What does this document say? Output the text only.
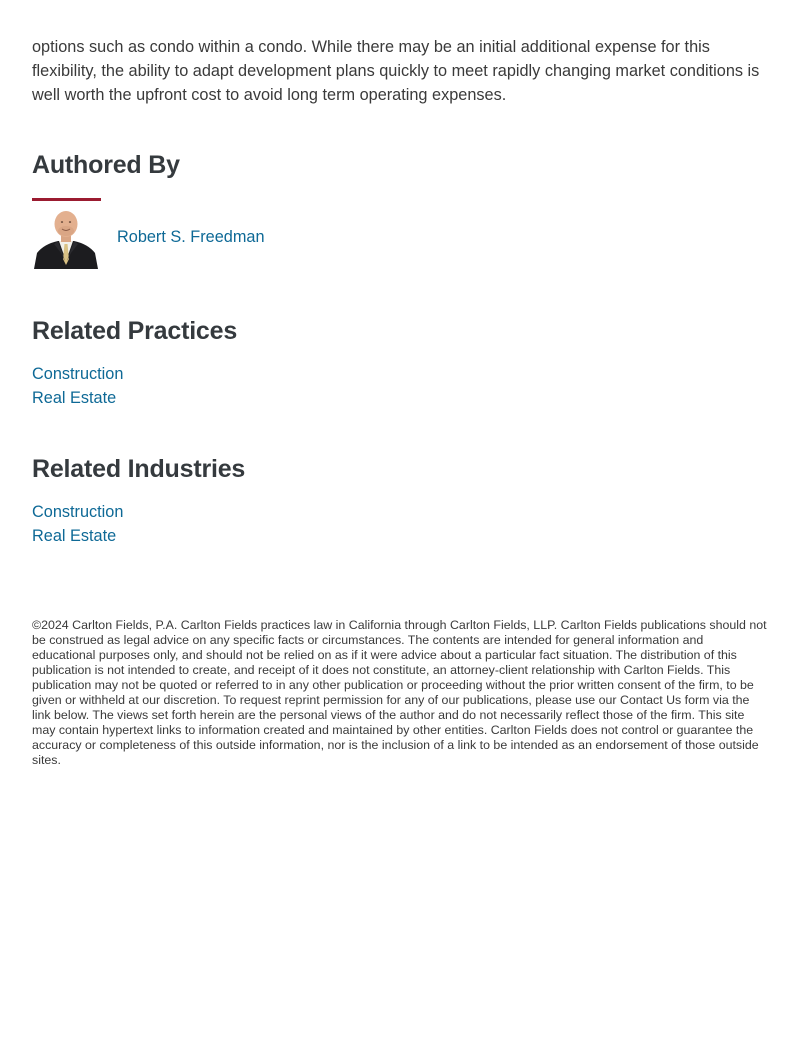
options such as condo within a condo. While there may be an initial additional expense for this flexibility, the ability to adapt development plans quickly to meet rapidly changing market conditions is well worth the upfront cost to avoid long term operating expenses.

Authored By
Robert S. Freedman
Related Practices
Construction
Real Estate
Related Industries
Construction
Real Estate

©2024 Carlton Fields, P.A. Carlton Fields practices law in California through Carlton Fields, LLP. Carlton Fields publications should not be construed as legal advice on any specific facts or circumstances. The contents are intended for general information and educational purposes only, and should not be relied on as if it were advice about a particular fact situation. The distribution of this publication is not intended to create, and receipt of it does not constitute, an attorney-client relationship with Carlton Fields. This publication may not be quoted or referred to in any other publication or proceeding without the prior written consent of the firm, to be given or withheld at our discretion. To request reprint permission for any of our publications, please use our Contact Us form via the link below. The views set forth herein are the personal views of the author and do not necessarily reflect those of the firm. This site may contain hypertext links to information created and maintained by other entities. Carlton Fields does not control or guarantee the accuracy or completeness of this outside information, nor is the inclusion of a link to be intended as an endorsement of those outside sites.
